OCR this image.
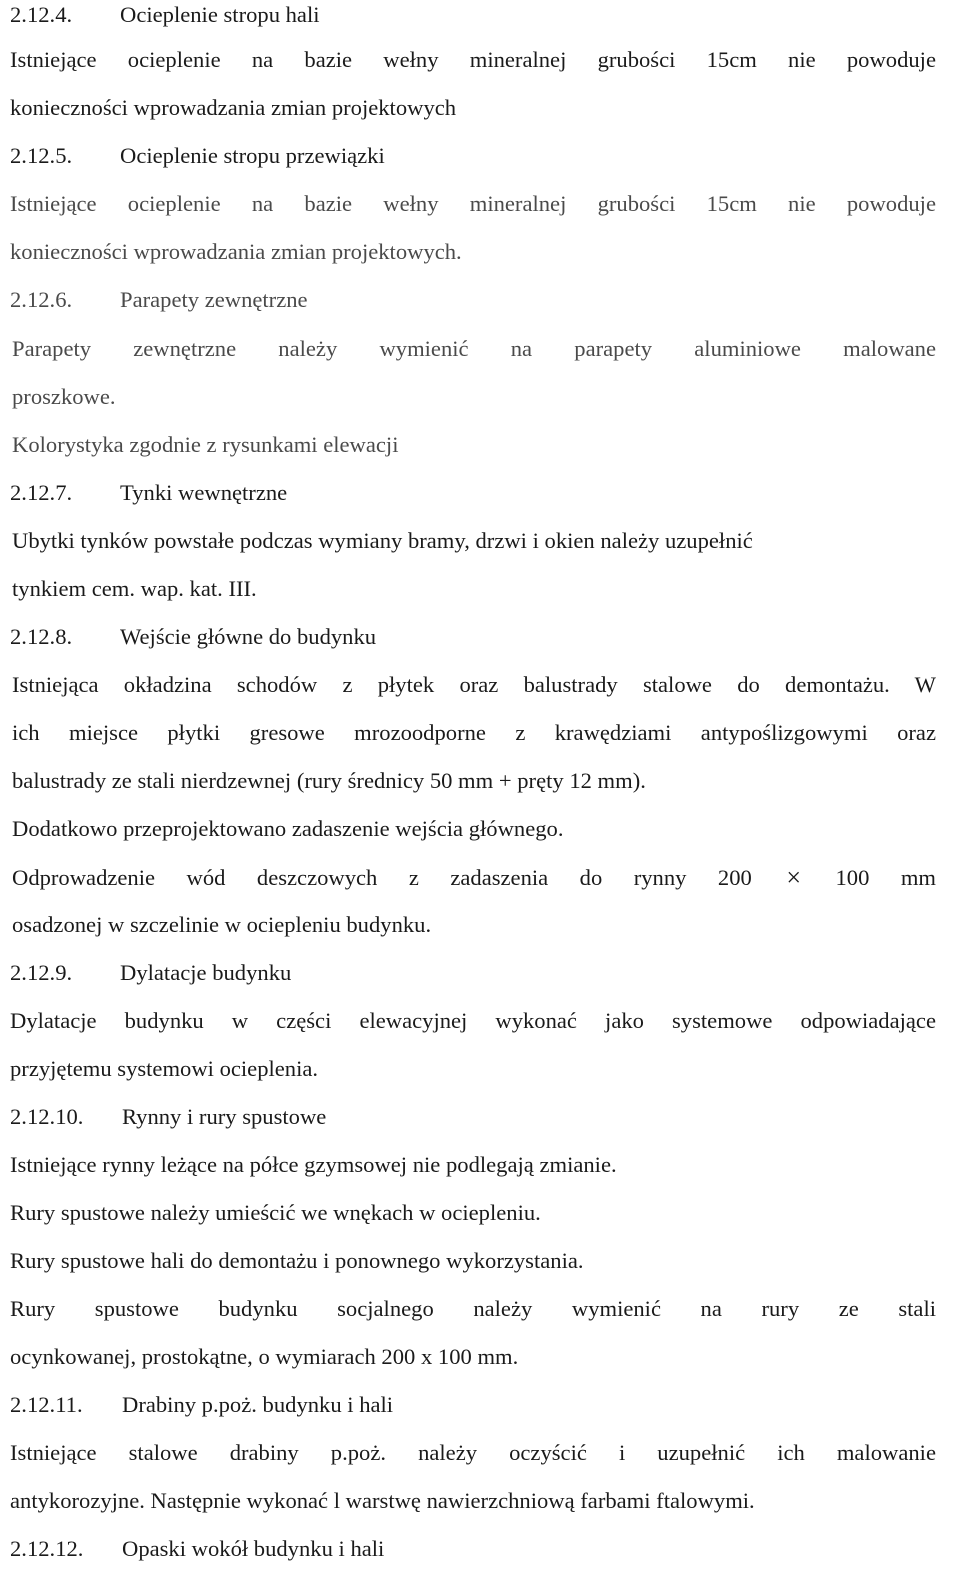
2.12.4. Ocieplenie stropu hali
Istniejące ocieplenie na bazie wełny mineralnej grubości 15cm nie powoduje
konieczności wprowadzania zmian projektowych
2.12.5. Ocieplenie stropu przewiązki
Istniejące ocieplenie na bazie wełny mineralnej grubości 15cm nie powoduje
konieczności wprowadzania zmian projektowych.
2.12.6. Parapety zewnętrzne
Parapety zewnętrzne należy wymienić na parapety aluminiowe malowane
proszkowe.
Kolorystyka zgodnie z rysunkami elewacji
2.12.7. Tynki wewnętrzne
Ubytki tynków powstałe podczas wymiany bramy, drzwi i okien należy uzupełnić
tynkiem cem. wap. kat. III.
2.12.8. Wejście główne do budynku
Istniejąca okładzina schodów z płytek oraz balustrady stalowe do demontażu. W
ich miejsce płytki gresowe mrozoodporne z krawędziami antypoślizgowymi oraz
balustrady ze stali nierdzewnej (rury średnicy 50 mm + pręty 12 mm).
Dodatkowo przeprojektowano zadaszenie wejścia głównego.
Odprowadzenie wód deszczowych z zadaszenia do rynny 200 × 100 mm
osadzonej w szczelinie w ociepleniu budynku.
2.12.9. Dylatacje budynku
Dylatacje budynku w części elewacyjnej wykonać jako systemowe odpowiadające
przyjętemu systemowi ocieplenia.
2.12.10. Rynny i rury spustowe
Istniejące rynny leżące na półce gzymsowej nie podlegają zmianie.
Rury spustowe należy umieścić we wnękach w ociepleniu.
Rury spustowe hali do demontażu i ponownego wykorzystania.
Rury spustowe budynku socjalnego należy wymienić na rury ze stali
ocynkowanej, prostokątne, o wymiarach 200 x 100 mm.
2.12.11. Drabiny p.poż. budynku i hali
Istniejące stalowe drabiny p.poż. należy oczyścić i uzupełnić ich malowanie
antykorozyjne. Następnie wykonać l warstwę nawierzchniową farbami ftalowymi.
2.12.12. Opaski wokół budynku i hali
